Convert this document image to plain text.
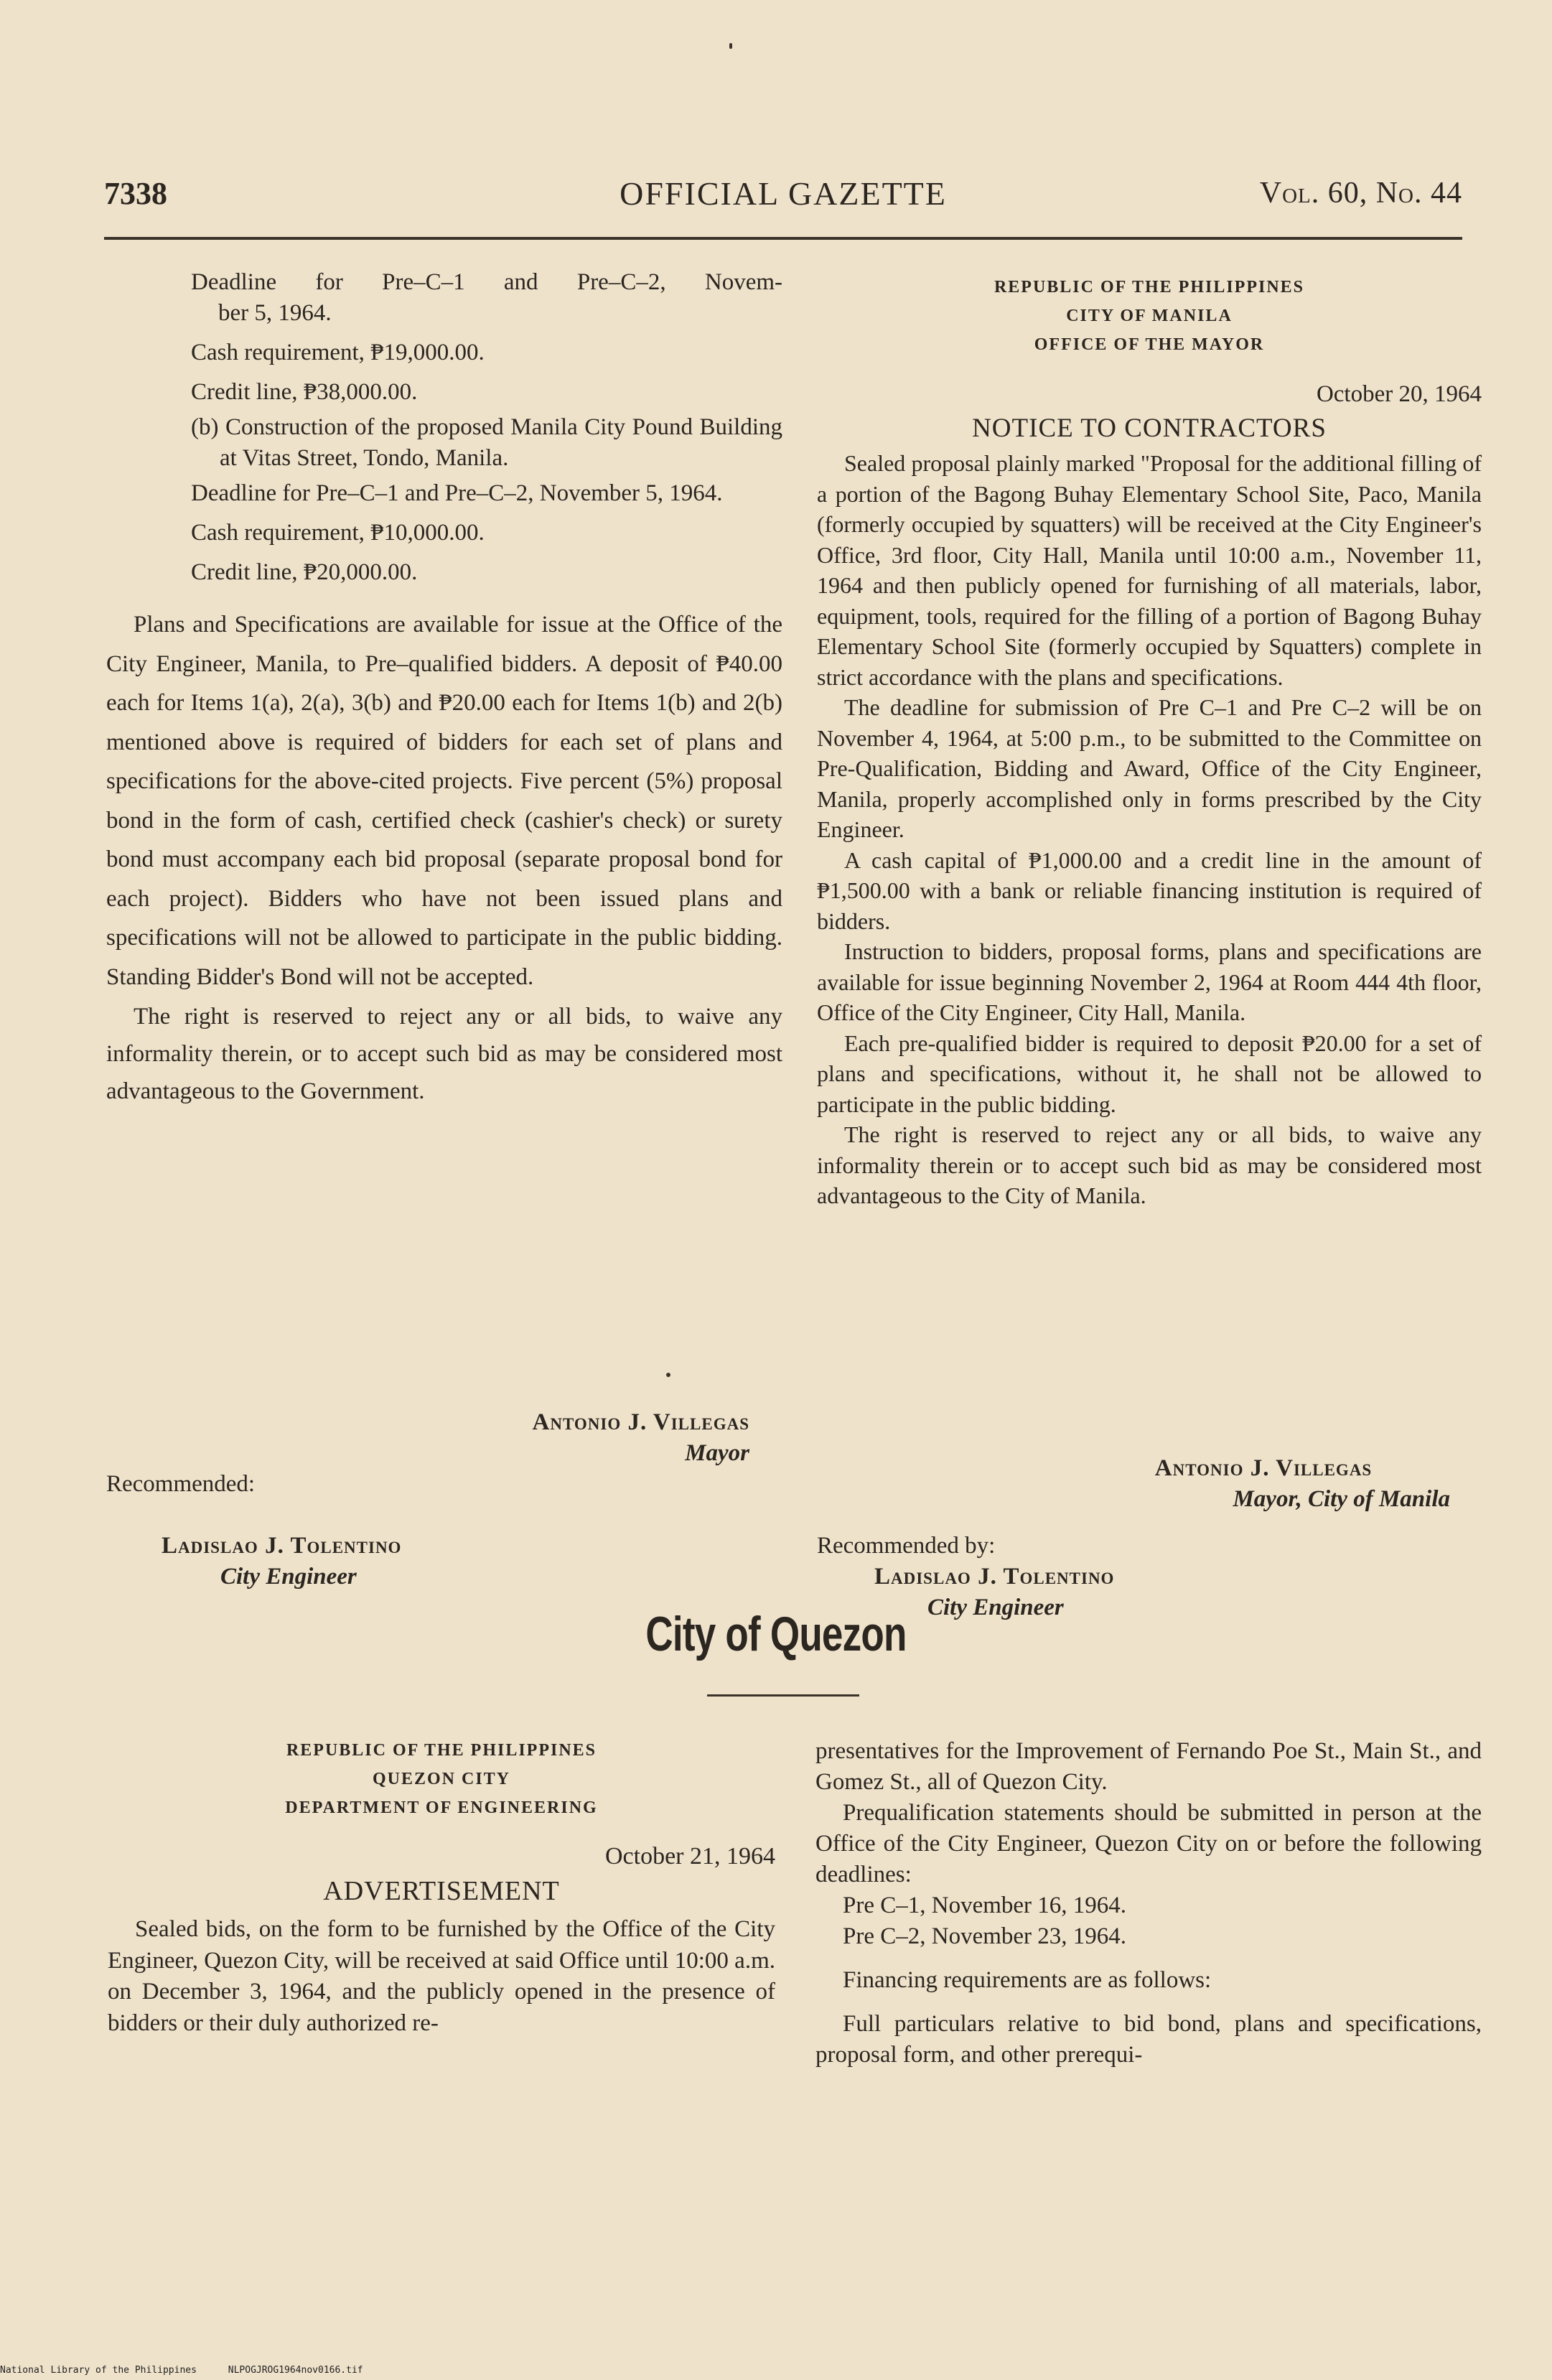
7338	OFFICIAL GAZETTE	Vol. 60, No. 44

Deadline for Pre–C–1 and Pre–C–2, Novem-

ber 5, 1964.

Cash requirement, ₱19,000.00.

Credit line, ₱38,000.00.

(b) Construction of the proposed Manila City Pound Building at Vitas Street, Tondo, Manila.

Deadline for Pre–C–1 and Pre–C–2, November 5, 1964.

Cash requirement, ₱10,000.00.

Credit line, ₱20,000.00.

Plans and Specifications are available for issue at the Office of the City Engineer, Manila, to Pre–qualified bidders. A deposit of ₱40.00 each for Items 1(a), 2(a), 3(b) and ₱20.00 each for Items 1(b) and 2(b) mentioned above is required of bidders for each set of plans and specifications for the above-cited projects. Five percent (5%) proposal bond in the form of cash, certified check (cashier's check) or surety bond must accompany each bid proposal (separate proposal bond for each project). Bidders who have not been issued plans and specifications will not be allowed to participate in the public bidding. Standing Bidder's Bond will not be accepted.

The right is reserved to reject any or all bids, to waive any informality therein, or to accept such bid as may be considered most advantageous to the Government.

Antonio J. Villegas
Mayor
Recommended:
Ladislao J. Tolentino
City Engineer

REPUBLIC OF THE PHILIPPINES

CITY OF MANILA

OFFICE OF THE MAYOR

October 20, 1964

NOTICE TO CONTRACTORS

Sealed proposal plainly marked "Proposal for the additional filling of a portion of the Bagong Buhay Elementary School Site, Paco, Manila (formerly occupied by squatters) will be received at the City Engineer's Office, 3rd floor, City Hall, Manila until 10:00 a.m., November 11, 1964 and then publicly opened for furnishing of all materials, labor, equipment, tools, required for the filling of a portion of Bagong Buhay Elementary School Site (formerly occupied by Squatters) complete in strict accordance with the plans and specifications.

The deadline for submission of Pre C–1 and Pre C–2 will be on November 4, 1964, at 5:00 p.m., to be submitted to the Committee on Pre-Qualification, Bidding and Award, Office of the City Engineer, Manila, properly accomplished only in forms prescribed by the City Engineer.

A cash capital of ₱1,000.00 and a credit line in the amount of ₱1,500.00 with a bank or reliable financing institution is required of bidders.

Instruction to bidders, proposal forms, plans and specifications are available for issue beginning November 2, 1964 at Room 444 4th floor, Office of the City Engineer, City Hall, Manila.

Each pre-qualified bidder is required to deposit ₱20.00 for a set of plans and specifications, without it, he shall not be allowed to participate in the public bidding.

The right is reserved to reject any or all bids, to waive any informality therein or to accept such bid as may be considered most advantageous to the City of Manila.

Antonio J. Villegas
Mayor, City of Manila
Recommended by:
Ladislao J. Tolentino
City Engineer
City of Quezon

REPUBLIC OF THE PHILIPPINES

QUEZON CITY

DEPARTMENT OF ENGINEERING

October 21, 1964

ADVERTISEMENT

Sealed bids, on the form to be furnished by the Office of the City Engineer, Quezon City, will be received at said Office until 10:00 a.m. on December 3, 1964, and the publicly opened in the presence of bidders or their duly authorized re-

presentatives for the Improvement of Fernando Poe St., Main St., and Gomez St., all of Quezon City.

Prequalification statements should be submitted in person at the Office of the City Engineer, Quezon City on or before the following deadlines:

Pre C–1, November 16, 1964.

Pre C–2, November 23, 1964.

Financing requirements are as follows:

Full particulars relative to bid bond, plans and specifications, proposal form, and other prerequi-

National Library of the Philippines	NLPOGJROG1964nov0166.tif
